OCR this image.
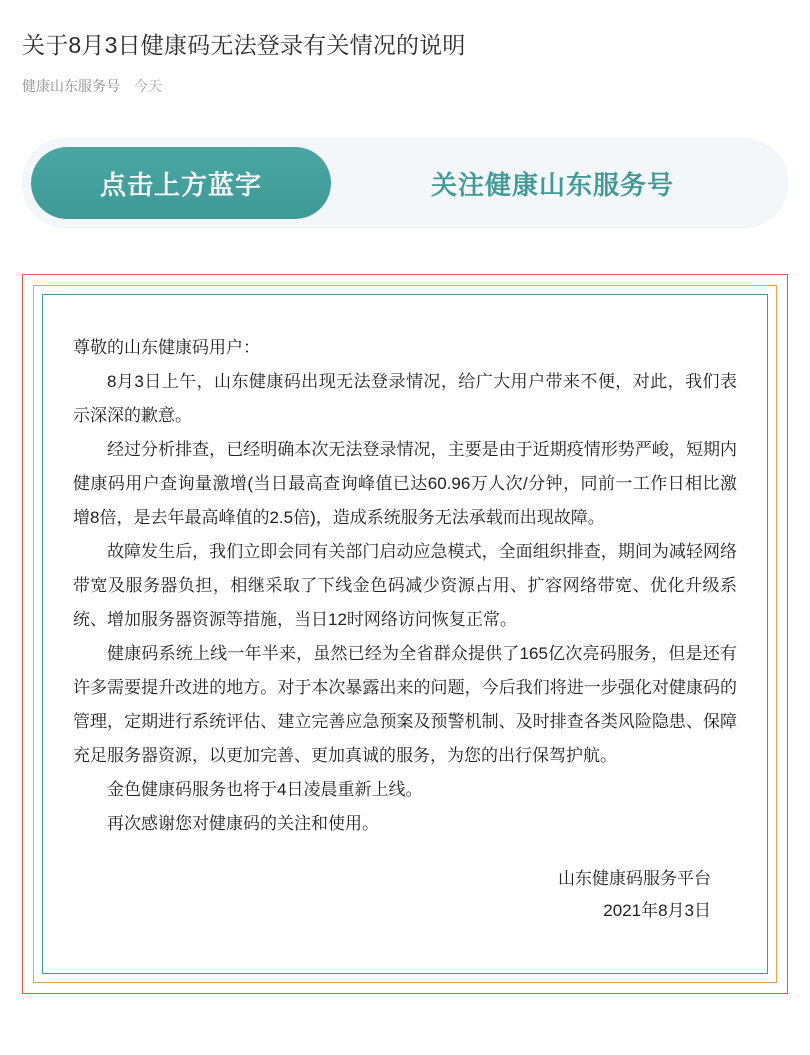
关于8月3日健康码无法登录有关情况的说明
健康山东服务号 今天
点击上方蓝字	关注健康山东服务号

尊敬的山东健康码用户：

8月3日上午，山东健康码出现无法登录情况，给广大用户带来不便，对此，我们表示深深的歉意。

经过分析排查，已经明确本次无法登录情况，主要是由于近期疫情形势严峻，短期内健康码用户查询量激增(当日最高查询峰值已达60.96万人次/分钟，同前一工作日相比激增8倍，是去年最高峰值的2.5倍)，造成系统服务无法承载而出现故障。

故障发生后，我们立即会同有关部门启动应急模式，全面组织排查，期间为减轻网络带宽及服务器负担，相继采取了下线金色码减少资源占用、扩容网络带宽、优化升级系统、增加服务器资源等措施，当日12时网络访问恢复正常。

健康码系统上线一年半来，虽然已经为全省群众提供了165亿次亮码服务，但是还有许多需要提升改进的地方。对于本次暴露出来的问题，今后我们将进一步强化对健康码的管理，定期进行系统评估、建立完善应急预案及预警机制、及时排查各类风险隐患、保障充足服务器资源，以更加完善、更加真诚的服务，为您的出行保驾护航。

金色健康码服务也将于4日凌晨重新上线。

再次感谢您对健康码的关注和使用。

山东健康码服务平台
2021年8月3日
